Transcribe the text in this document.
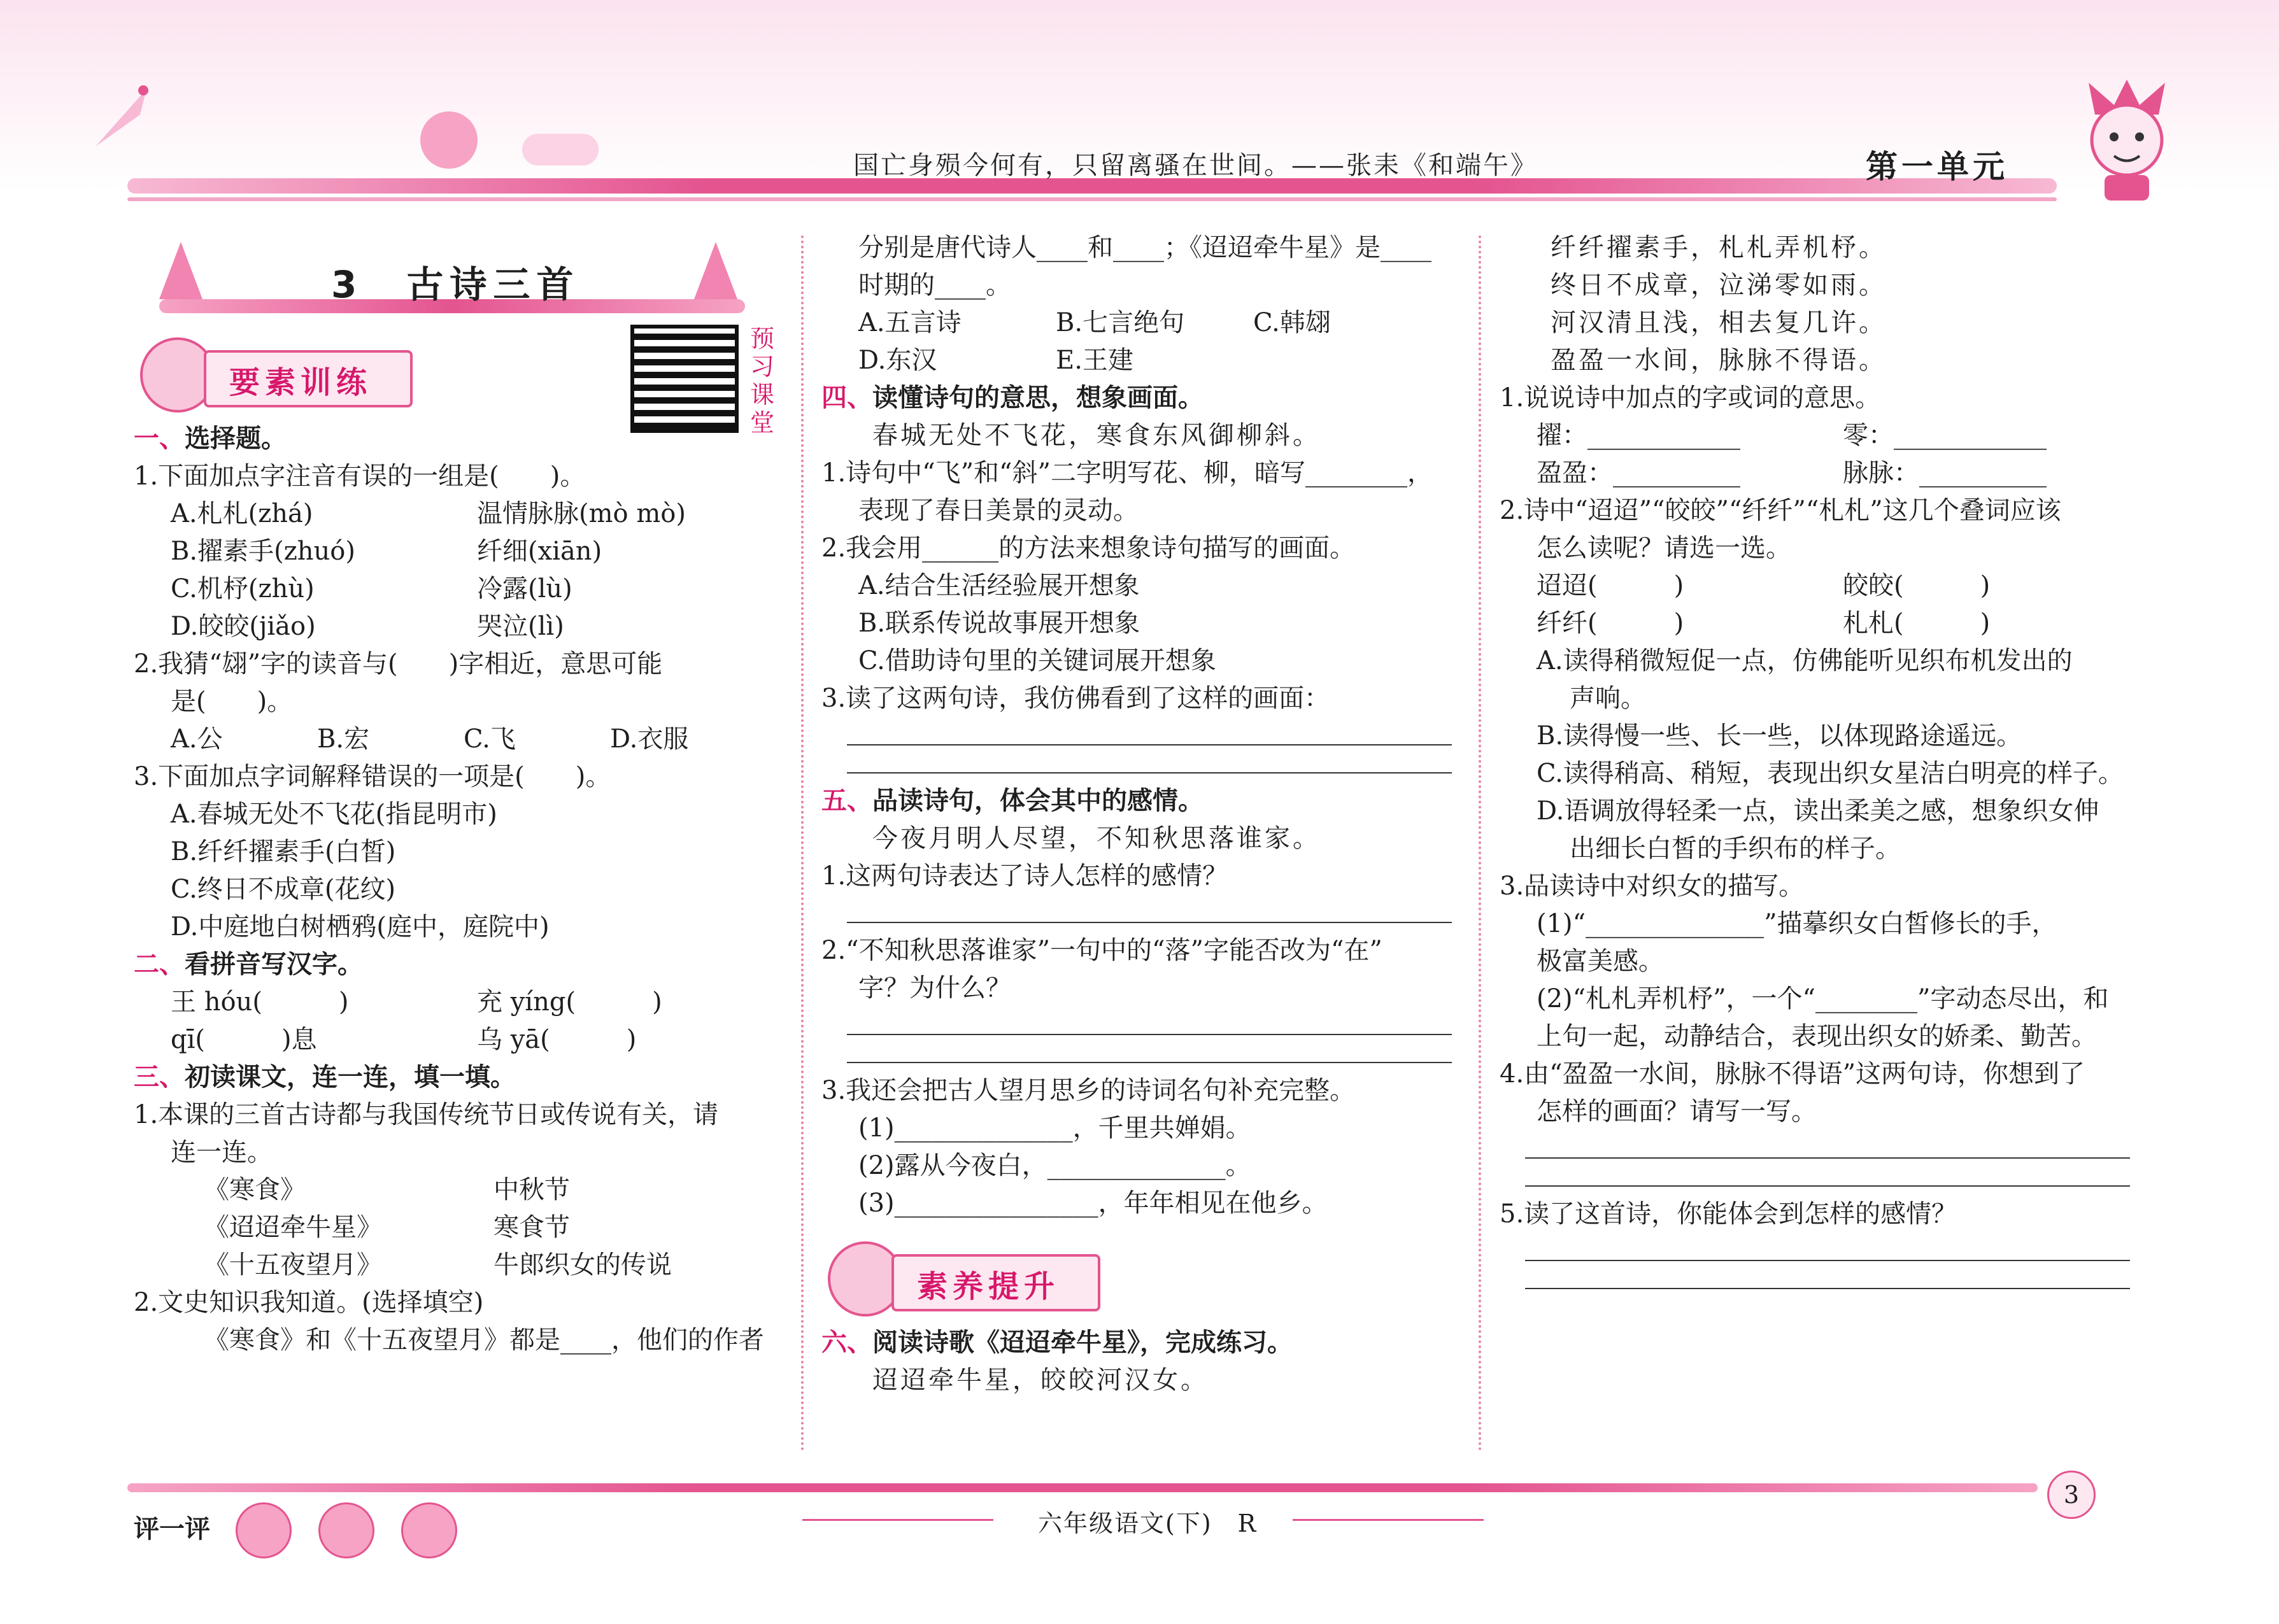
国亡身殒今何有，只留离骚在世间。——张耒《和端午》	第一单元
3　 古诗三首
要素训练
预习课堂
一、选择题。
1.下面加点字注音有误的一组是(　　)。
A.札札(zhá)	温情脉脉(mò mò)
B.擢素手(zhuó)	纤细(xiān)
C.机杼(zhù)	冷露(lù)
D.皎皎(jiǎo)	哭泣(lì)
2.我猜“翃”字的读音与(　　)字相近，意思可能
是(　　)。
A.公	B.宏	C.飞	D.衣服
3.下面加点字词解释错误的一项是(　　)。
A.春城无处不飞花(指昆明市)
B.纤纤擢素手(白皙)
C.终日不成章(花纹)
D.中庭地白树栖鸦(庭中，庭院中)
二、看拼音写汉字。
王 hóu(　　　)	充 yíng(　　　)
qī(　　　)息	乌 yā(　　　)
三、初读课文，连一连，填一填。
1.本课的三首古诗都与我国传统节日或传说有关，请
连一连。
《寒食》	中秋节
《迢迢牵牛星》	寒食节
《十五夜望月》	牛郎织女的传说
2.文史知识我知道。(选择填空)
《寒食》和《十五夜望月》都是____，他们的作者
分别是唐代诗人____和____；《迢迢牵牛星》是____
时期的____。
A.五言诗	B.七言绝句	C.韩翃
D.东汉	E.王建
四、读懂诗句的意思，想象画面。
春城无处不飞花，寒食东风御柳斜。
1.诗句中“飞”和“斜”二字明写花、柳，暗写________，
表现了春日美景的灵动。
2.我会用______的方法来想象诗句描写的画面。
A.结合生活经验展开想象
B.联系传说故事展开想象
C.借助诗句里的关键词展开想象
3.读了这两句诗，我仿佛看到了这样的画面：
五、品读诗句，体会其中的感情。
今夜月明人尽望，不知秋思落谁家。
1.这两句诗表达了诗人怎样的感情？
2.“不知秋思落谁家”一句中的“落”字能否改为“在”
字？为什么？
3.我还会把古人望月思乡的诗词名句补充完整。
(1)______________，千里共婵娟。
(2)露从今夜白，______________。
(3)________________，年年相见在他乡。
素养提升
六、阅读诗歌《迢迢牵牛星》，完成练习。
迢迢牵牛星，皎皎河汉女。
纤纤擢素手，札札弄机杼。
终日不成章，泣涕零如雨。
河汉清且浅，相去复几许。
盈盈一水间，脉脉不得语。
1.说说诗中加点的字或词的意思。
擢：____________	零：____________
盈盈：__________	脉脉：__________
2.诗中“迢迢”“皎皎”“纤纤”“札札”这几个叠词应该
怎么读呢？请选一选。
迢迢(　　　)	皎皎(　　　)
纤纤(　　　)	札札(　　　)
A.读得稍微短促一点，仿佛能听见织布机发出的
声响。
B.读得慢一些、长一些，以体现路途遥远。
C.读得稍高、稍短，表现出织女星洁白明亮的样子。
D.语调放得轻柔一点，读出柔美之感，想象织女伸
出细长白皙的手织布的样子。
3.品读诗中对织女的描写。
(1)“______________”描摹织女白皙修长的手，
极富美感。
(2)“札札弄机杼”，一个“________”字动态尽出，和
上句一起，动静结合，表现出织女的娇柔、勤苦。
4.由“盈盈一水间，脉脉不得语”这两句诗，你想到了
怎样的画面？请写一写。
5.读了这首诗，你能体会到怎样的感情？
评一评	六年级语文(下)　R
3
